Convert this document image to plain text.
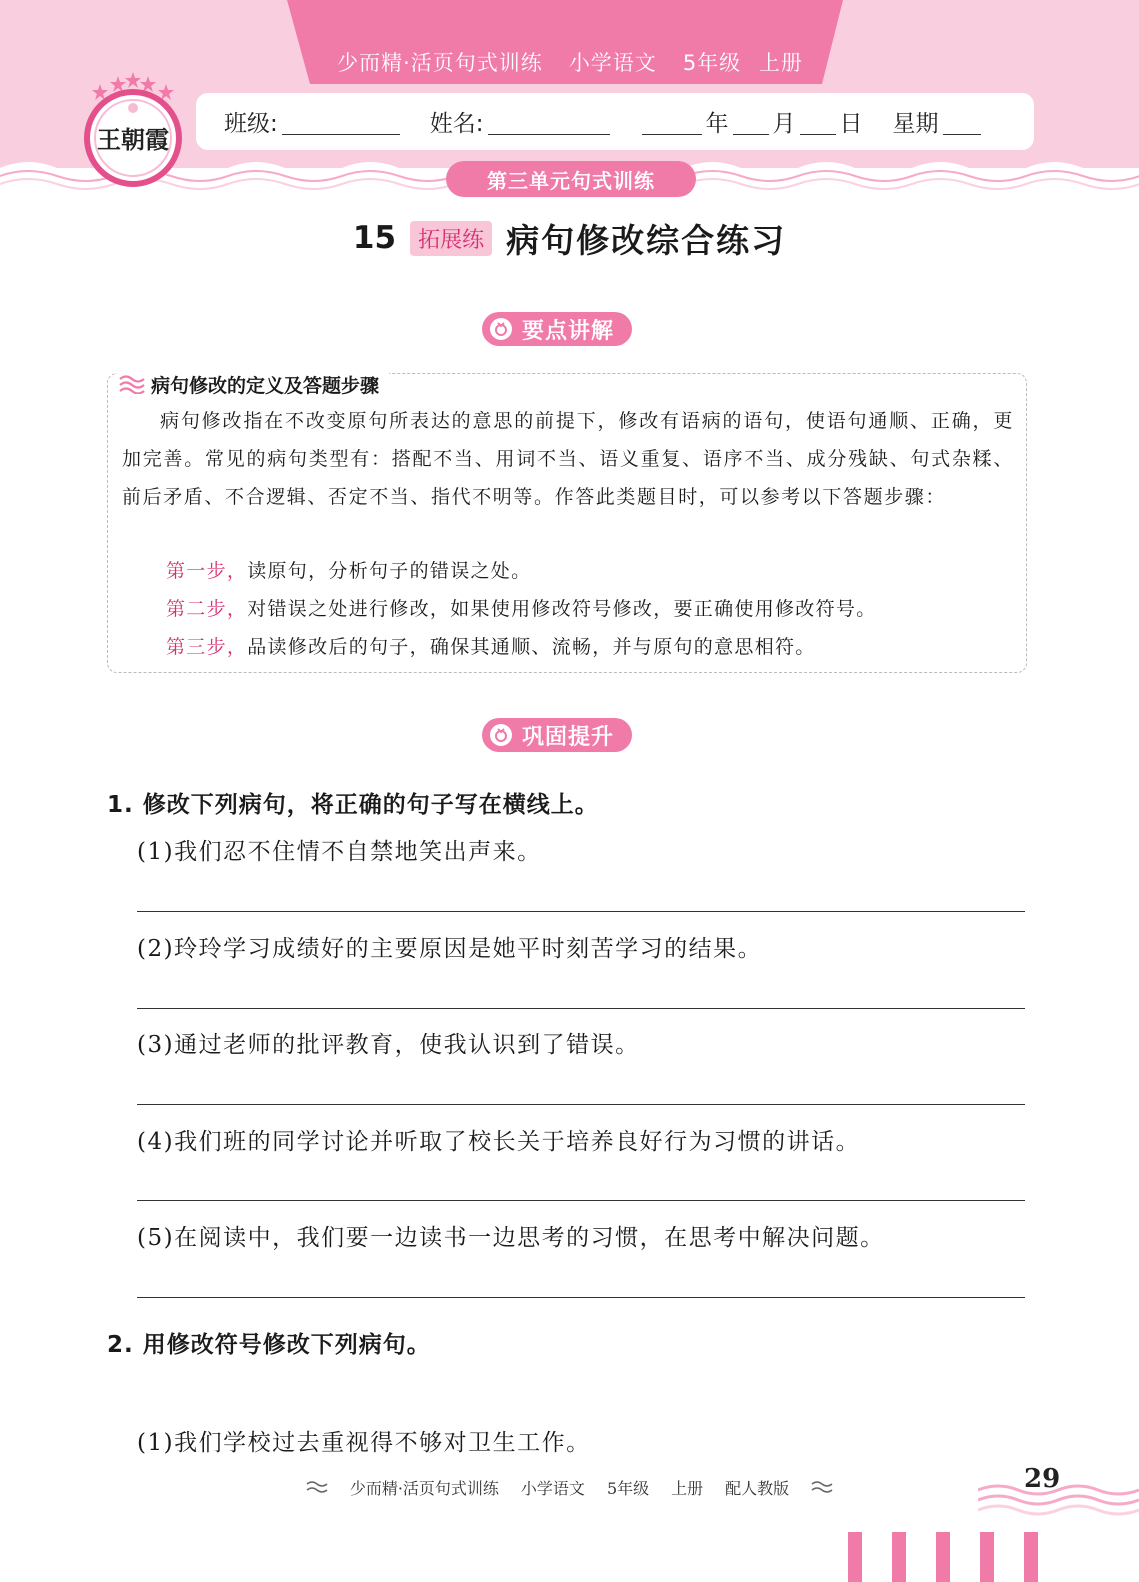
少而精·活页句式训练 小学语文 5年级 上册
班级:	姓名:	年 月 日 星期
第三单元句式训练
王朝霞
15	拓展练 病句修改综合练习
要点讲解
病句修改的定义及答题步骤
病句修改指在不改变原句所表达的意思的前提下，修改有语病的语句，使语句通顺、正确，更加完善。常见的病句类型有：搭配不当、用词不当、语义重复、语序不当、成分残缺、句式杂糅、前后矛盾、不合逻辑、否定不当、指代不明等。作答此类题目时，可以参考以下答题步骤：
第一步，读原句，分析句子的错误之处。
第二步，对错误之处进行修改，如果使用修改符号修改，要正确使用修改符号。
第三步，品读修改后的句子，确保其通顺、流畅，并与原句的意思相符。
巩固提升
1. 修改下列病句，将正确的句子写在横线上。
(1)我们忍不住情不自禁地笑出声来。
(2)玲玲学习成绩好的主要原因是她平时刻苦学习的结果。
(3)通过老师的批评教育，使我认识到了错误。
(4)我们班的同学讨论并听取了校长关于培养良好行为习惯的讲话。
(5)在阅读中，我们要一边读书一边思考的习惯，在思考中解决问题。
2. 用修改符号修改下列病句。
(1)我们学校过去重视得不够对卫生工作。
少而精·活页句式训练 小学语文 5年级 上册 配人教版	29
